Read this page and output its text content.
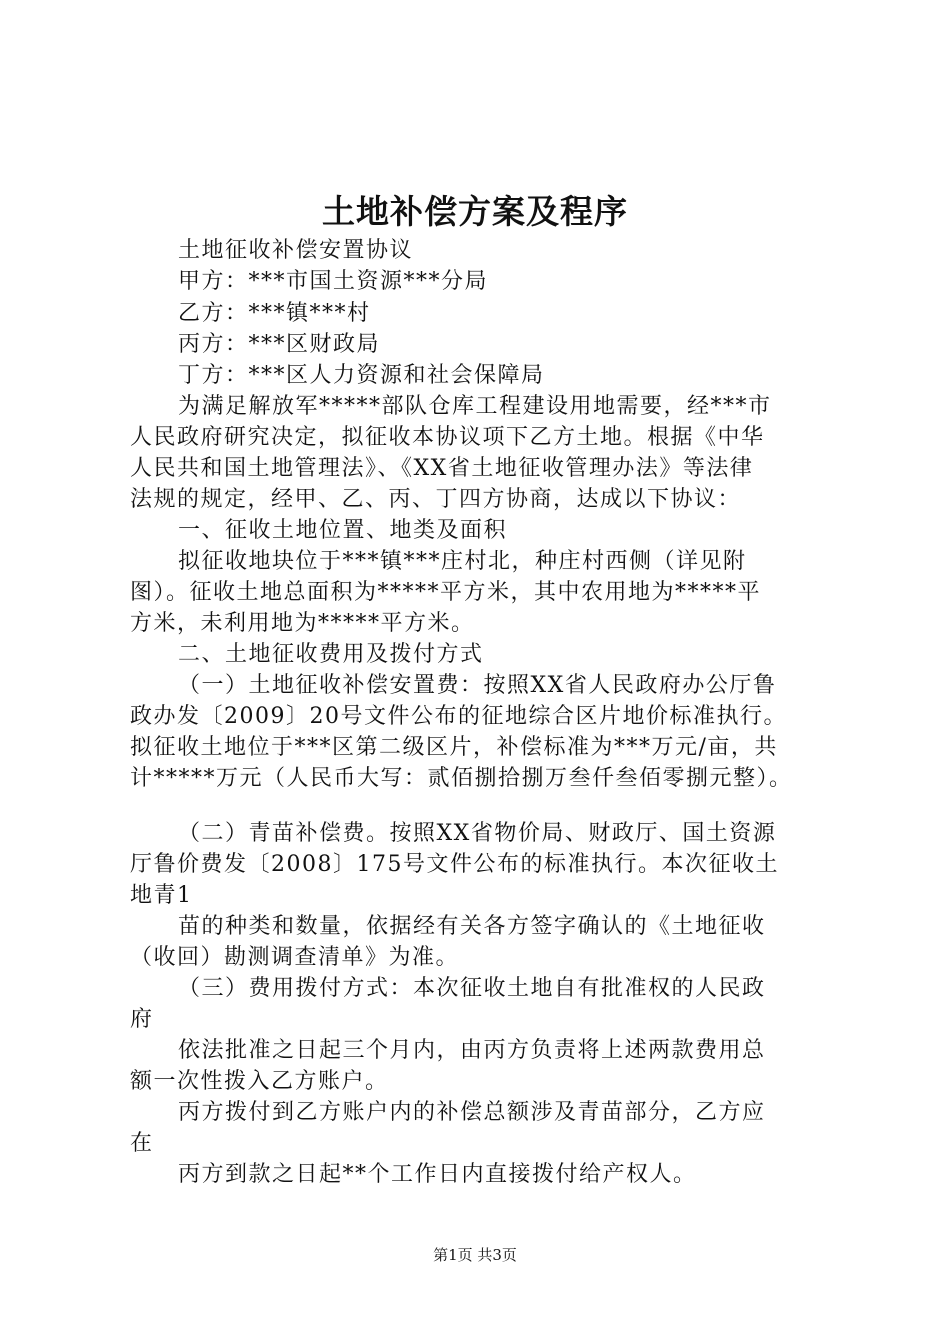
土地补偿方案及程序
土地征收补偿安置协议
甲方：***市国土资源***分局
乙方：***镇***村
丙方：***区财政局
丁方：***区人力资源和社会保障局
为满足解放军*****部队仓库工程建设用地需要，经***市
人民政府研究决定，拟征收本协议项下乙方土地。根据《中华
人民共和国土地管理法》、《XX省土地征收管理办法》等法律
法规的规定，经甲、乙、丙、丁四方协商，达成以下协议：
一、征收土地位置、地类及面积
拟征收地块位于***镇***庄村北，种庄村西侧（详见附
图）。征收土地总面积为*****平方米，其中农用地为*****平
方米，未利用地为*****平方米。
二、土地征收费用及拨付方式
（一）土地征收补偿安置费：按照XX省人民政府办公厅鲁
政办发〔2009〕20号文件公布的征地综合区片地价标准执行。
拟征收土地位于***区第二级区片，补偿标准为***万元/亩，共
计*****万元（人民币大写：贰佰捌拾捌万叁仟叁佰零捌元整）。
（二）青苗补偿费。按照XX省物价局、财政厅、国土资源
厅鲁价费发〔2008〕175号文件公布的标准执行。本次征收土
地青1
苗的种类和数量，依据经有关各方签字确认的《土地征收
（收回）勘测调查清单》为准。
（三）费用拨付方式：本次征收土地自有批准权的人民政
府
依法批准之日起三个月内，由丙方负责将上述两款费用总
额一次性拨入乙方账户。
丙方拨付到乙方账户内的补偿总额涉及青苗部分，乙方应
在
丙方到款之日起**个工作日内直接拨付给产权人。
第1页 共3页
